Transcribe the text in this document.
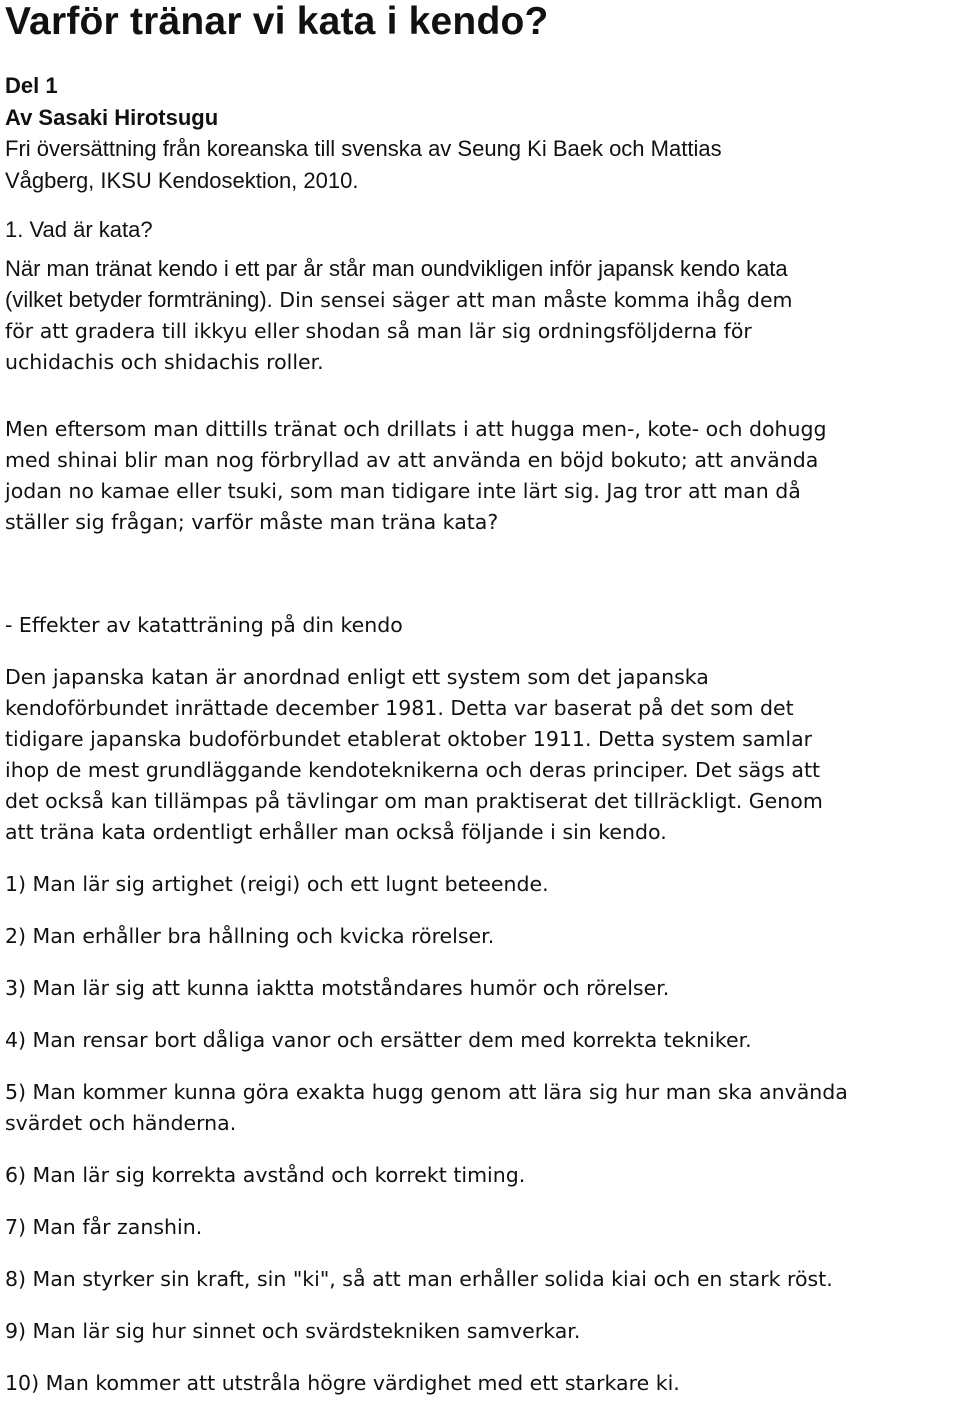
Varför tränar vi kata i kendo?
Del 1
Av Sasaki Hirotsugu
Fri översättning från koreanska till svenska av Seung Ki Baek och Mattias
Vågberg, IKSU Kendosektion, 2010.
1. Vad är kata?
När man tränat kendo i ett par år står man oundvikligen inför japansk kendo kata
(vilket betyder formträning). Din sensei säger att man måste komma ihåg dem
för att gradera till ikkyu eller shodan så man lär sig ordningsföljderna för
uchidachis och shidachis roller.
Men eftersom man dittills tränat och drillats i att hugga men-, kote- och dohugg
med shinai blir man nog förbryllad av att använda en böjd bokuto; att använda
jodan no kamae eller tsuki, som man tidigare inte lärt sig. Jag tror att man då
ställer sig frågan; varför måste man träna kata?
- Effekter av katatträning på din kendo
Den japanska katan är anordnad enligt ett system som det japanska
kendoförbundet inrättade december 1981. Detta var baserat på det som det
tidigare japanska budoförbundet etablerat oktober 1911. Detta system samlar
ihop de mest grundläggande kendoteknikerna och deras principer. Det sägs att
det också kan tillämpas på tävlingar om man praktiserat det tillräckligt. Genom
att träna kata ordentligt erhåller man också följande i sin kendo.
1) Man lär sig artighet (reigi) och ett lugnt beteende.
2) Man erhåller bra hållning och kvicka rörelser.
3) Man lär sig att kunna iaktta motståndares humör och rörelser.
4) Man rensar bort dåliga vanor och ersätter dem med korrekta tekniker.
5) Man kommer kunna göra exakta hugg genom att lära sig hur man ska använda
svärdet och händerna.
6) Man lär sig korrekta avstånd och korrekt timing.
7) Man får zanshin.
8) Man styrker sin kraft, sin "ki", så att man erhåller solida kiai och en stark röst.
9) Man lär sig hur sinnet och svärdstekniken samverkar.
10) Man kommer att utstråla högre värdighet med ett starkare ki.
